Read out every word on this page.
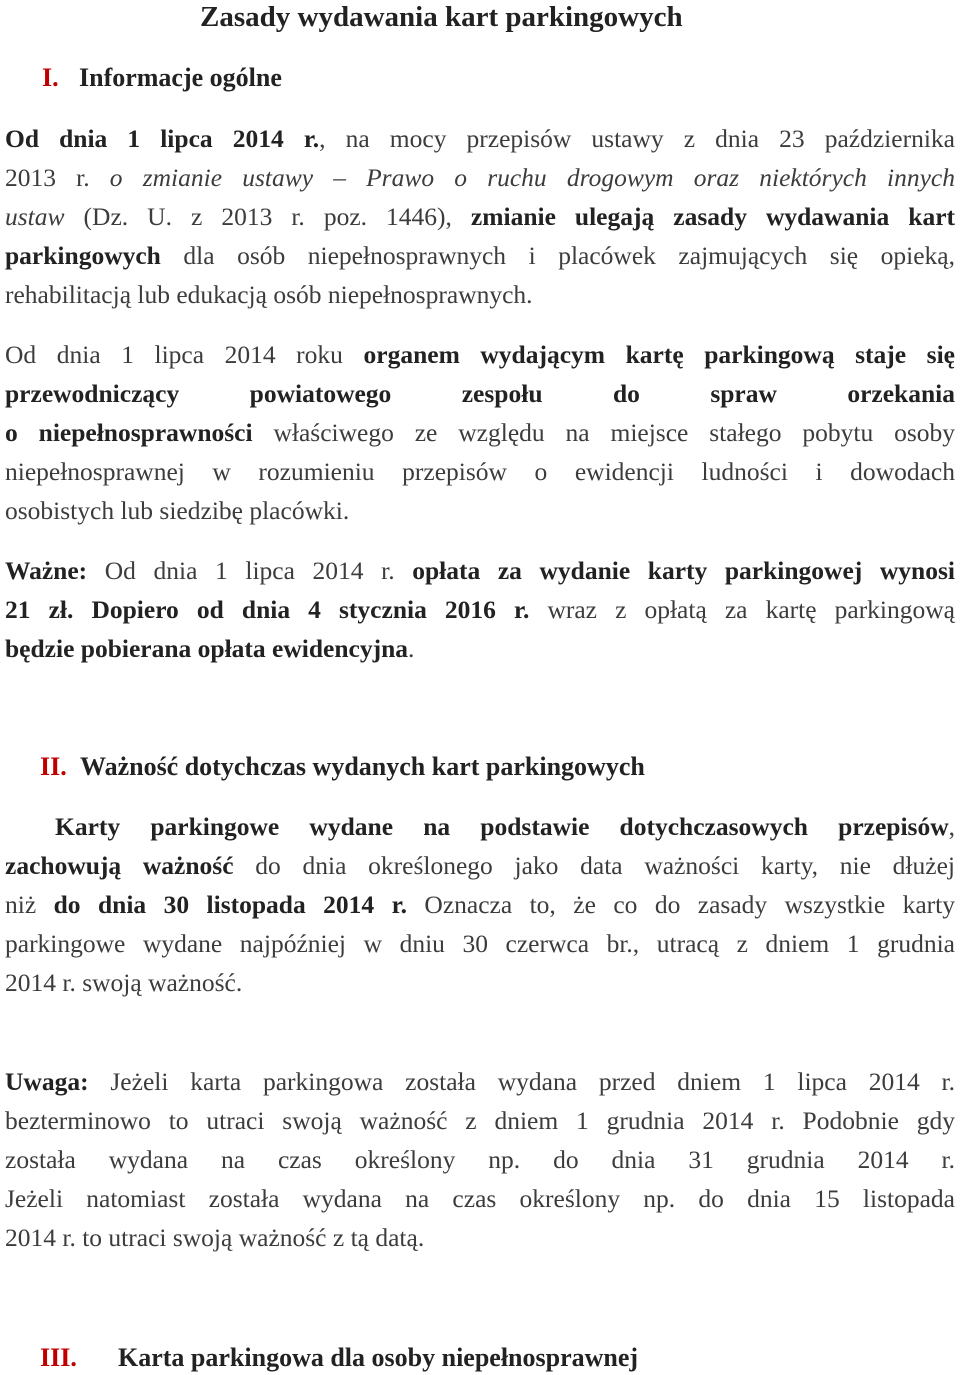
Zasady wydawania kart parkingowych
I. Informacje ogólne
Od dnia 1 lipca 2014 r., na mocy przepisów ustawy z dnia 23 października
2013 r. o zmianie ustawy – Prawo o ruchu drogowym oraz niektórych innych
ustaw (Dz. U. z 2013 r. poz. 1446), zmianie ulegają zasady wydawania kart
parkingowych dla osób niepełnosprawnych i placówek zajmujących się opieką,
rehabilitacją lub edukacją osób niepełnosprawnych.
Od dnia 1 lipca 2014 roku organem wydającym kartę parkingową staje się
przewodniczący powiatowego zespołu do spraw orzekania
o niepełnosprawności właściwego ze względu na miejsce stałego pobytu osoby
niepełnosprawnej w rozumieniu przepisów o ewidencji ludności i dowodach
osobistych lub siedzibę placówki.
Ważne: Od dnia 1 lipca 2014 r. opłata za wydanie karty parkingowej wynosi
21 zł. Dopiero od dnia 4 stycznia 2016 r. wraz z opłatą za kartę parkingową
będzie pobierana opłata ewidencyjna.
II. Ważność dotychczas wydanych kart parkingowych
Karty parkingowe wydane na podstawie dotychczasowych przepisów,
zachowują ważność do dnia określonego jako data ważności karty, nie dłużej
niż do dnia 30 listopada 2014 r. Oznacza to, że co do zasady wszystkie karty
parkingowe wydane najpóźniej w dniu 30 czerwca br., utracą z dniem 1 grudnia
2014 r. swoją ważność.
Uwaga: Jeżeli karta parkingowa została wydana przed dniem 1 lipca 2014 r.
bezterminowo to utraci swoją ważność z dniem 1 grudnia 2014 r. Podobnie gdy
została wydana na czas określony np. do dnia 31 grudnia 2014 r.
Jeżeli natomiast została wydana na czas określony np. do dnia 15 listopada
2014 r. to utraci swoją ważność z tą datą.
III. Karta parkingowa dla osoby niepełnosprawnej
